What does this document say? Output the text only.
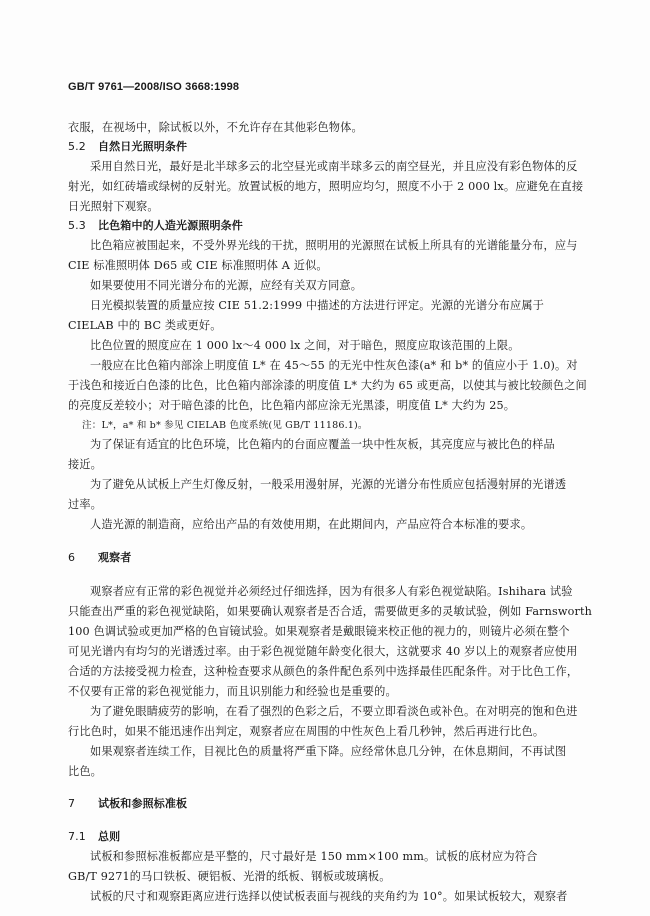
GB/T 9761—2008/ISO 3668:1998
衣服，在视场中，除试板以外，不允许存在其他彩色物体。
5.2 自然日光照明条件
采用自然日光，最好是北半球多云的北空昼光或南半球多云的南空昼光，并且应没有彩色物体的反
射光，如红砖墙或绿树的反射光。放置试板的地方，照明应均匀，照度不小于 2 000 lx。应避免在直接
日光照射下观察。
5.3 比色箱中的人造光源照明条件
比色箱应被围起来，不受外界光线的干扰，照明用的光源照在试板上所具有的光谱能量分布，应与
CIE 标准照明体 D65 或 CIE 标准照明体 A 近似。
如果要使用不同光谱分布的光源，应经有关双方同意。
日光模拟装置的质量应按 CIE 51.2:1999 中描述的方法进行评定。光源的光谱分布应属于
CIELAB 中的 BC 类或更好。
比色位置的照度应在 1 000 lx～4 000 lx 之间，对于暗色，照度应取该范围的上限。
一般应在比色箱内部涂上明度值 L* 在 45～55 的无光中性灰色漆(a* 和 b* 的值应小于 1.0)。对
于浅色和接近白色漆的比色，比色箱内部涂漆的明度值 L* 大约为 65 或更高，以使其与被比较颜色之间
的亮度反差较小；对于暗色漆的比色，比色箱内部应涂无光黑漆，明度值 L* 大约为 25。
注：L*，a* 和 b* 参见 CIELAB 色度系统(见 GB/T 11186.1)。
为了保证有适宜的比色环境，比色箱内的台面应覆盖一块中性灰板，其亮度应与被比色的样品
接近。
为了避免从试板上产生灯像反射，一般采用漫射屏，光源的光谱分布性质应包括漫射屏的光谱透
过率。
人造光源的制造商，应给出产品的有效使用期，在此期间内，产品应符合本标准的要求。
6 观察者
观察者应有正常的彩色视觉并必须经过仔细选择，因为有很多人有彩色视觉缺陷。Ishihara 试验
只能查出严重的彩色视觉缺陷，如果要确认观察者是否合适，需要做更多的灵敏试验，例如 Farnsworth
100 色调试验或更加严格的色盲镜试验。如果观察者是戴眼镜来校正他的视力的，则镜片必须在整个
可见光谱内有均匀的光谱透过率。由于彩色视觉随年龄变化很大，这就要求 40 岁以上的观察者应使用
合适的方法接受视力检查，这种检查要求从颜色的条件配色系列中选择最佳匹配条件。对于比色工作，
不仅要有正常的彩色视觉能力，而且识别能力和经验也是重要的。
为了避免眼睛疲劳的影响，在看了强烈的色彩之后，不要立即看淡色或补色。在对明亮的饱和色进
行比色时，如果不能迅速作出判定，观察者应在周围的中性灰色上看几秒钟，然后再进行比色。
如果观察者连续工作，目视比色的质量将严重下降。应经常休息几分钟，在休息期间，不再试图
比色。
7 试板和参照标准板
7.1 总则
试板和参照标准板都应是平整的，尺寸最好是 150 mm×100 mm。试板的底材应为符合
GB/T 9271的马口铁板、硬铝板、光滑的纸板、钢板或玻璃板。
试板的尺寸和观察距离应进行选择以使试板表面与视线的夹角约为 10°。如果试板较大，观察者
